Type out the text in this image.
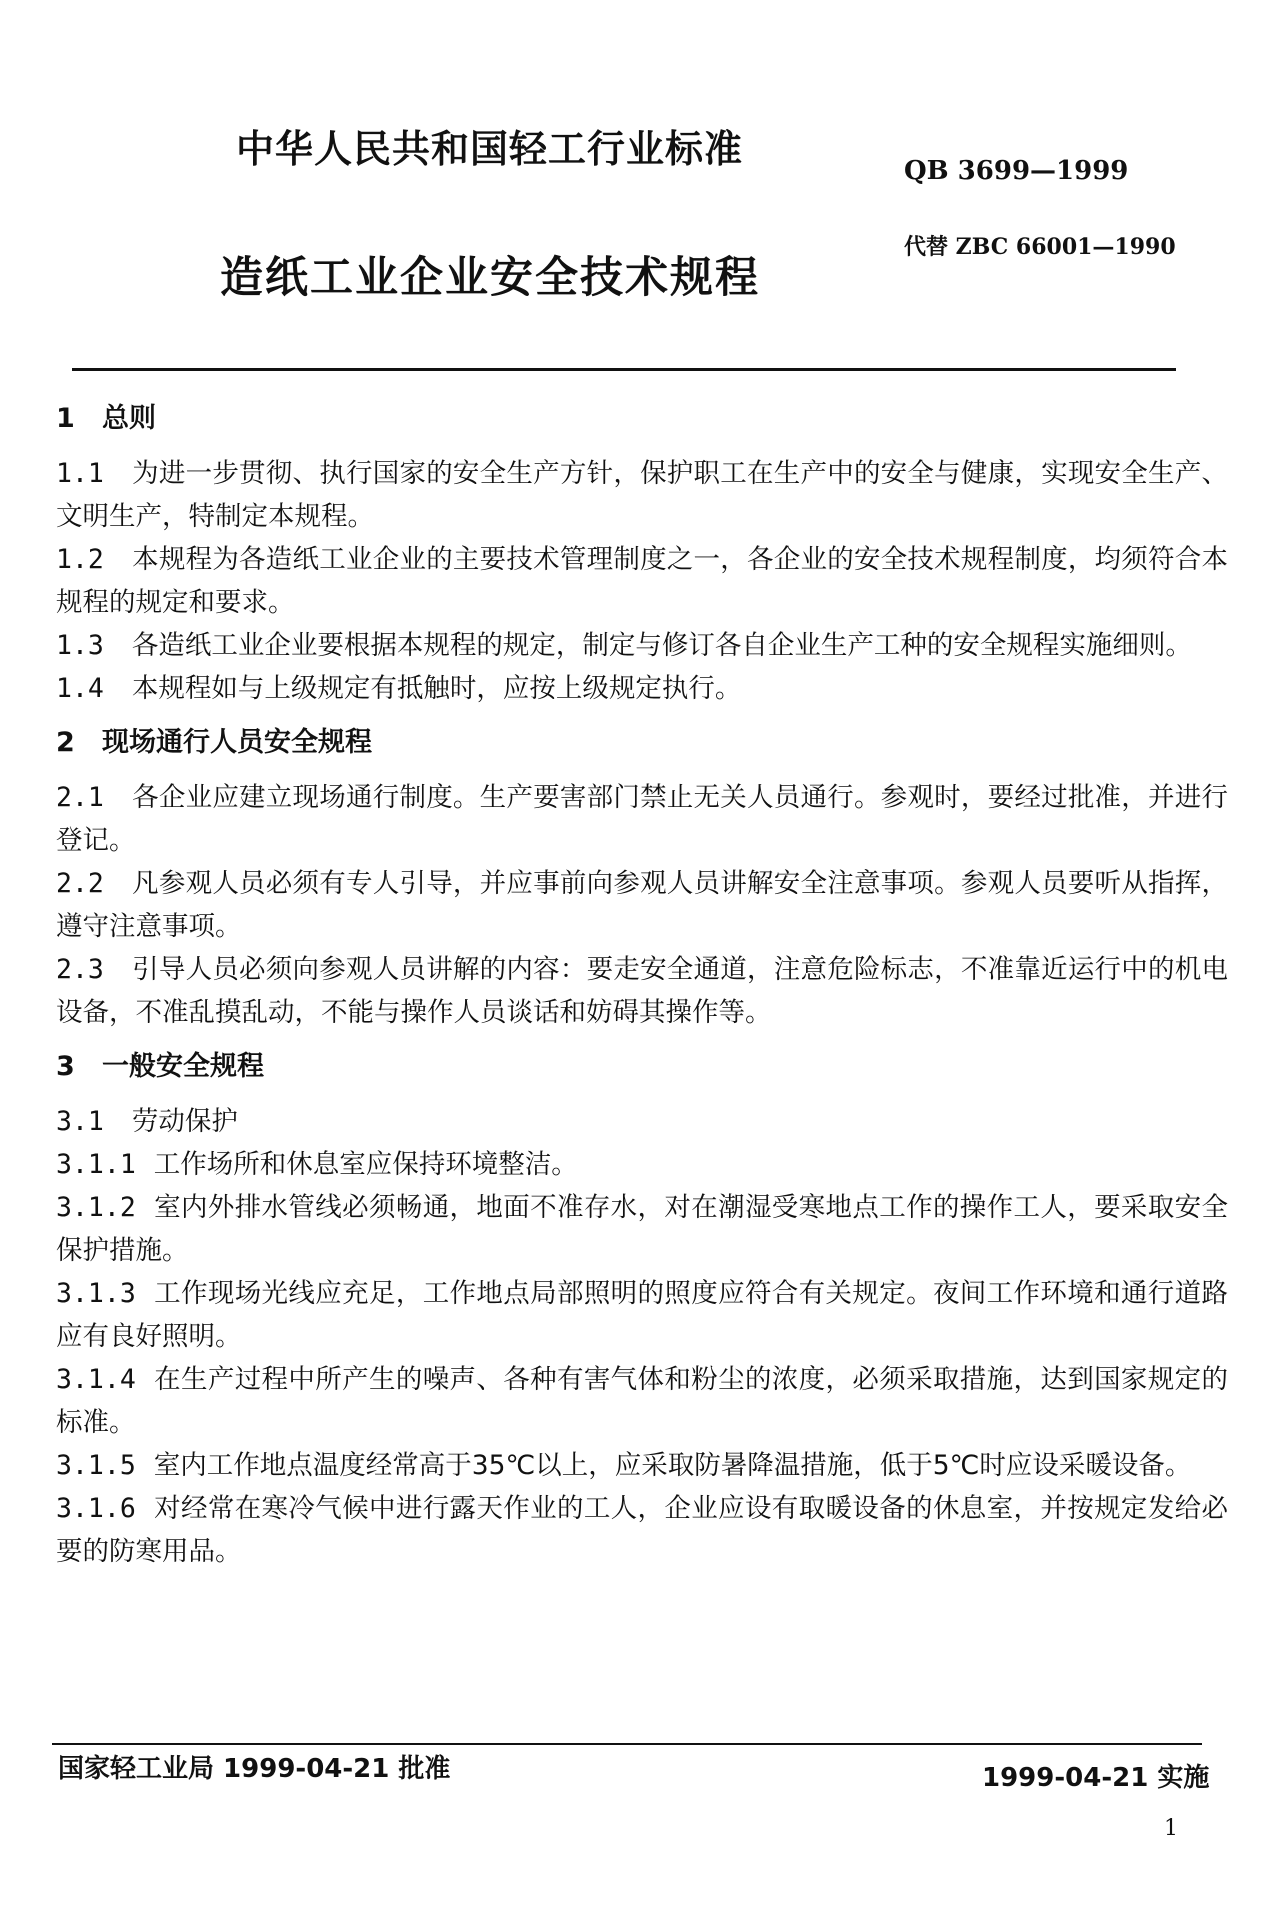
中华人民共和国轻工行业标准	QB 3699—1999
代替 ZBC 66001—1990
造纸工业企业安全技术规程
1 总则
1.1 为进一步贯彻、执行国家的安全生产方针，保护职工在生产中的安全与健康，实现安全生产、文明生产，特制定本规程。
1.2 本规程为各造纸工业企业的主要技术管理制度之一，各企业的安全技术规程制度，均须符合本规程的规定和要求。
1.3 各造纸工业企业要根据本规程的规定，制定与修订各自企业生产工种的安全规程实施细则。
1.4 本规程如与上级规定有抵触时，应按上级规定执行。
2 现场通行人员安全规程
2.1 各企业应建立现场通行制度。生产要害部门禁止无关人员通行。参观时，要经过批准，并进行登记。
2.2 凡参观人员必须有专人引导，并应事前向参观人员讲解安全注意事项。参观人员要听从指挥，遵守注意事项。
2.3 引导人员必须向参观人员讲解的内容：要走安全通道，注意危险标志，不准靠近运行中的机电设备，不准乱摸乱动，不能与操作人员谈话和妨碍其操作等。
3 一般安全规程
3.1 劳动保护
3.1.1 工作场所和休息室应保持环境整洁。
3.1.2 室内外排水管线必须畅通，地面不准存水，对在潮湿受寒地点工作的操作工人，要采取安全保护措施。
3.1.3 工作现场光线应充足，工作地点局部照明的照度应符合有关规定。夜间工作环境和通行道路应有良好照明。
3.1.4 在生产过程中所产生的噪声、各种有害气体和粉尘的浓度，必须采取措施，达到国家规定的标准。
3.1.5 室内工作地点温度经常高于35℃以上，应采取防暑降温措施，低于5℃时应设采暖设备。
3.1.6 对经常在寒冷气候中进行露天作业的工人，企业应设有取暖设备的休息室，并按规定发给必要的防寒用品。
国家轻工业局 1999-04-21 批准	1999-04-21 实施
1
